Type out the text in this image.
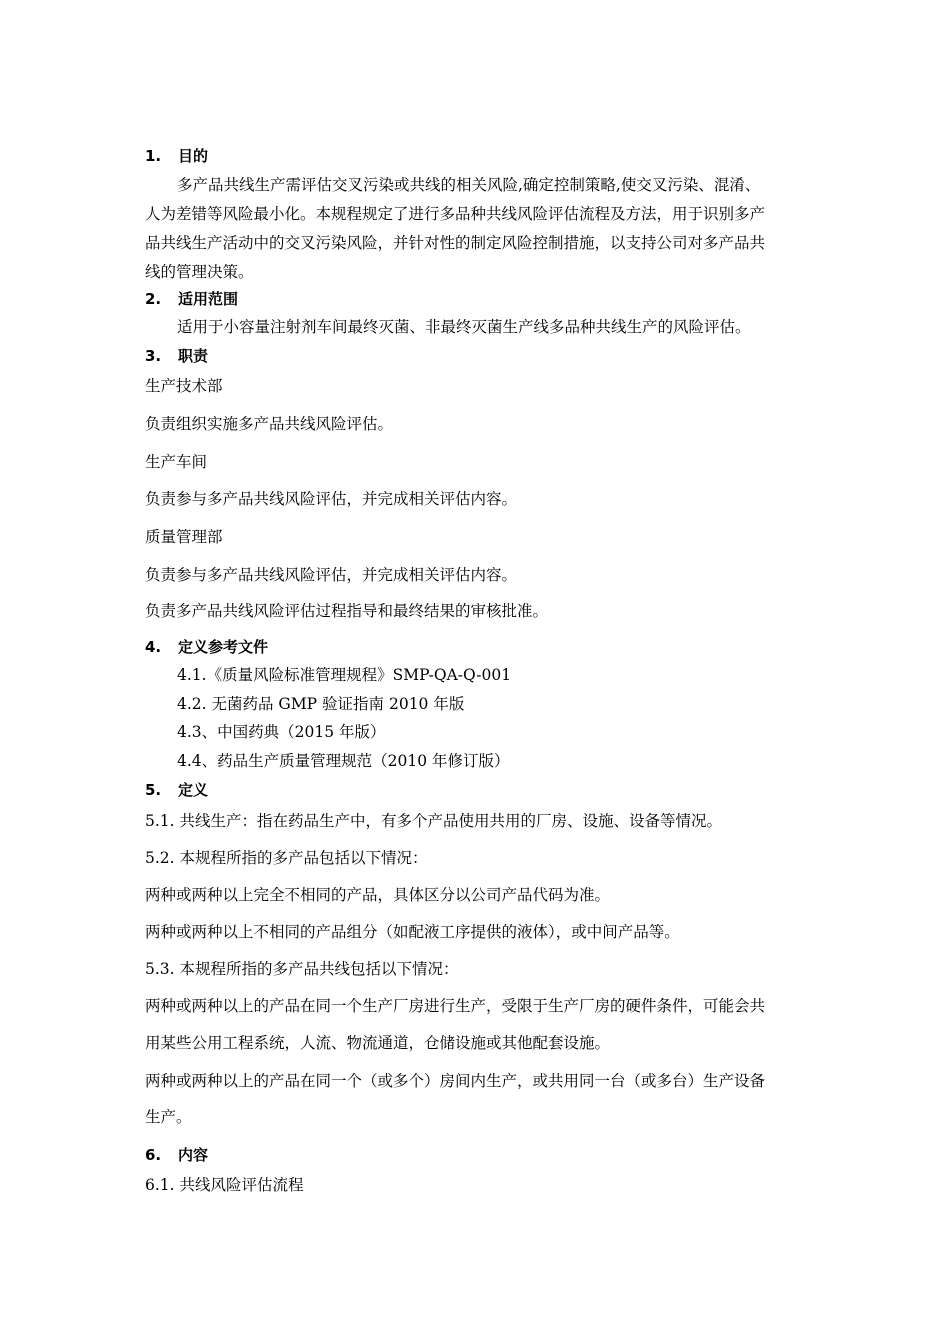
1. 目的
多产品共线生产需评估交叉污染或共线的相关风险,确定控制策略,使交叉污染、混淆、
人为差错等风险最小化。本规程规定了进行多品种共线风险评估流程及方法，用于识别多产
品共线生产活动中的交叉污染风险，并针对性的制定风险控制措施，以支持公司对多产品共
线的管理决策。
2. 适用范围
适用于小容量注射剂车间最终灭菌、非最终灭菌生产线多品种共线生产的风险评估。
3. 职责
生产技术部
负责组织实施多产品共线风险评估。
生产车间
负责参与多产品共线风险评估，并完成相关评估内容。
质量管理部
负责参与多产品共线风险评估，并完成相关评估内容。
负责多产品共线风险评估过程指导和最终结果的审核批准。
4. 定义参考文件
4.1.《质量风险标准管理规程》SMP-QA-Q-001
4.2. 无菌药品 GMP 验证指南 2010 年版
4.3、中国药典（2015 年版）
4.4、药品生产质量管理规范（2010 年修订版）
5. 定义
5.1. 共线生产：指在药品生产中，有多个产品使用共用的厂房、设施、设备等情况。
5.2. 本规程所指的多产品包括以下情况：
两种或两种以上完全不相同的产品，具体区分以公司产品代码为准。
两种或两种以上不相同的产品组分（如配液工序提供的液体），或中间产品等。
5.3. 本规程所指的多产品共线包括以下情况：
两种或两种以上的产品在同一个生产厂房进行生产，受限于生产厂房的硬件条件，可能会共
用某些公用工程系统，人流、物流通道，仓储设施或其他配套设施。
两种或两种以上的产品在同一个（或多个）房间内生产，或共用同一台（或多台）生产设备
生产。
6. 内容
6.1. 共线风险评估流程
